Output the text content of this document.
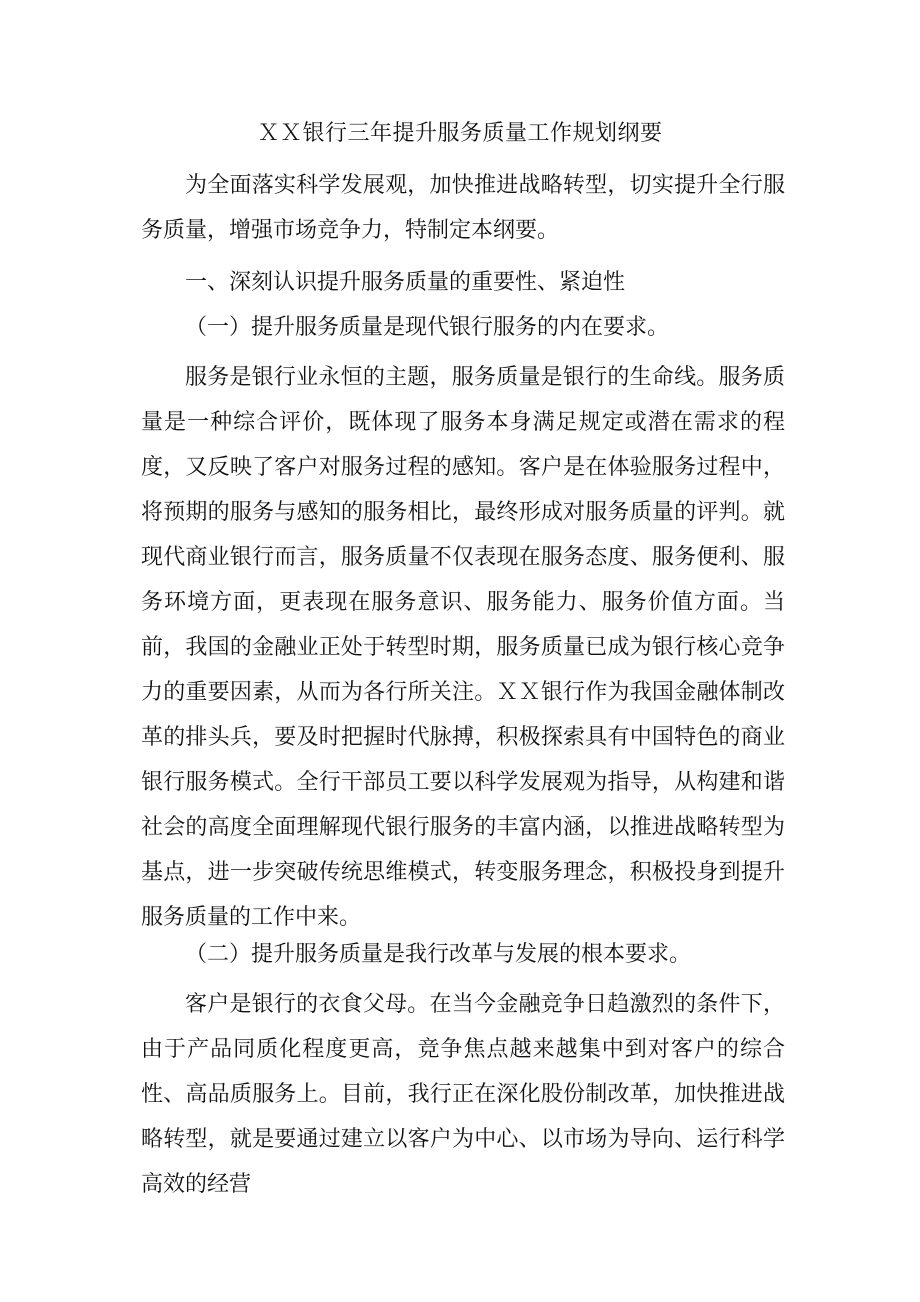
ＸＸ银行三年提升服务质量工作规划纲要

为全面落实科学发展观，加快推进战略转型，切实提升全行服务质量，增强市场竞争力，特制定本纲要。

一、深刻认识提升服务质量的重要性、紧迫性

（一）提升服务质量是现代银行服务的内在要求。

服务是银行业永恒的主题，服务质量是银行的生命线。服务质量是一种综合评价，既体现了服务本身满足规定或潜在需求的程度，又反映了客户对服务过程的感知。客户是在体验服务过程中，将预期的服务与感知的服务相比，最终形成对服务质量的评判。就现代商业银行而言，服务质量不仅表现在服务态度、服务便利、服务环境方面，更表现在服务意识、服务能力、服务价值方面。当前，我国的金融业正处于转型时期，服务质量已成为银行核心竞争力的重要因素，从而为各行所关注。ＸＸ银行作为我国金融体制改革的排头兵，要及时把握时代脉搏，积极探索具有中国特色的商业银行服务模式。全行干部员工要以科学发展观为指导，从构建和谐社会的高度全面理解现代银行服务的丰富内涵，以推进战略转型为基点，进一步突破传统思维模式，转变服务理念，积极投身到提升服务质量的工作中来。

（二）提升服务质量是我行改革与发展的根本要求。

客户是银行的衣食父母。在当今金融竞争日趋激烈的条件下，由于产品同质化程度更高，竞争焦点越来越集中到对客户的综合性、高品质服务上。目前，我行正在深化股份制改革，加快推进战略转型，就是要通过建立以客户为中心、以市场为导向、运行科学高效的经营
